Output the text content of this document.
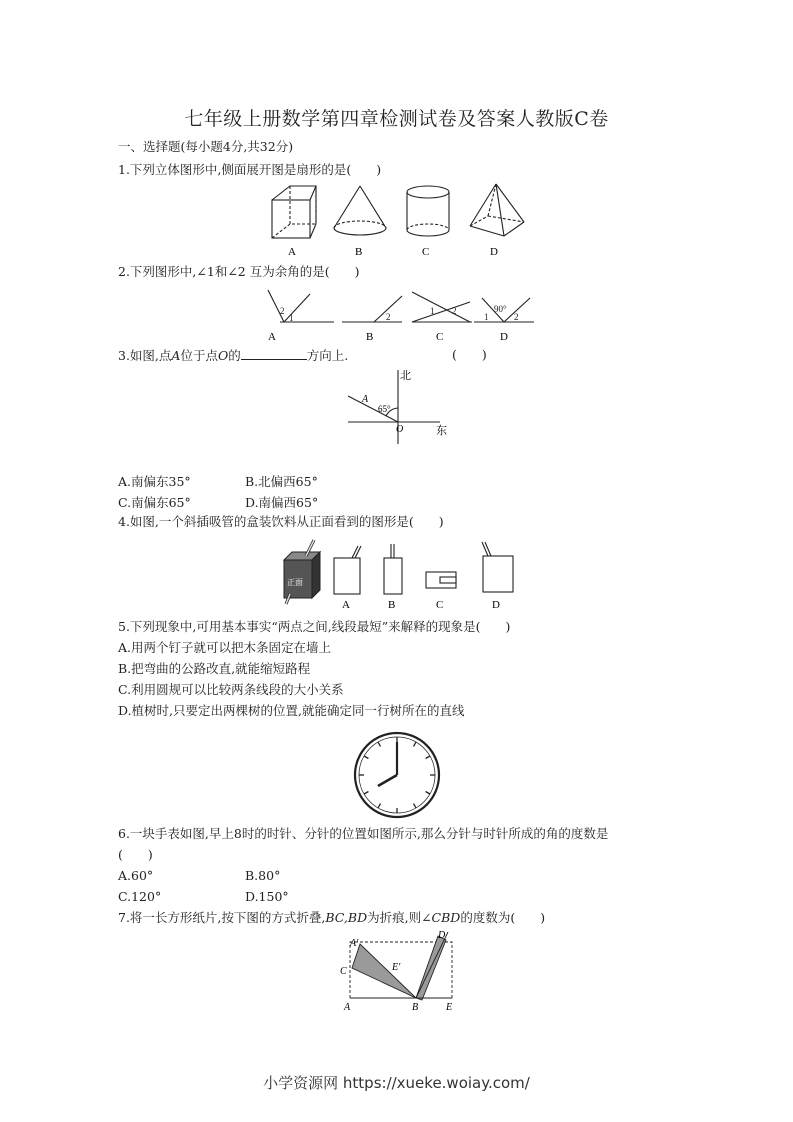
七年级上册数学第四章检测试卷及答案人教版C卷
一、选择题(每小题4分,共32分)
1.下列立体图形中,侧面展开图是扇形的是(　　)
A	B	C	D
2.下列图形中,∠1和∠2 互为余角的是(　　)
2
1	2
1 2	90°
1	2
A	B	C	D
3.如图,点A位于点O的	方向上.	(　　)
北
东
A
O
65°
A.南偏东35°	B.北偏西65°
C.南偏东65°	D.南偏西65°
4.如图,一个斜插吸管的盒装饮料从正面看到的图形是(　　)
正面
A	B	C	D
5.下列现象中,可用基本事实“两点之间,线段最短”来解释的现象是(　　)
A.用两个钉子就可以把木条固定在墙上
B.把弯曲的公路改直,就能缩短路程
C.利用圆规可以比较两条线段的大小关系
D.植树时,只要定出两棵树的位置,就能确定同一行树所在的直线
6.一块手表如图,早上8时的时针、分针的位置如图所示,那么分针与时针所成的角的度数是
(　　)
A.60°	B.80°
C.120°	D.150°
7.将一长方形纸片,按下图的方式折叠,BC,BD为折痕,则∠CBD的度数为(　　)
A′
C	E′
D
A	B	E
小学资源网 https://xueke.woiay.com/
